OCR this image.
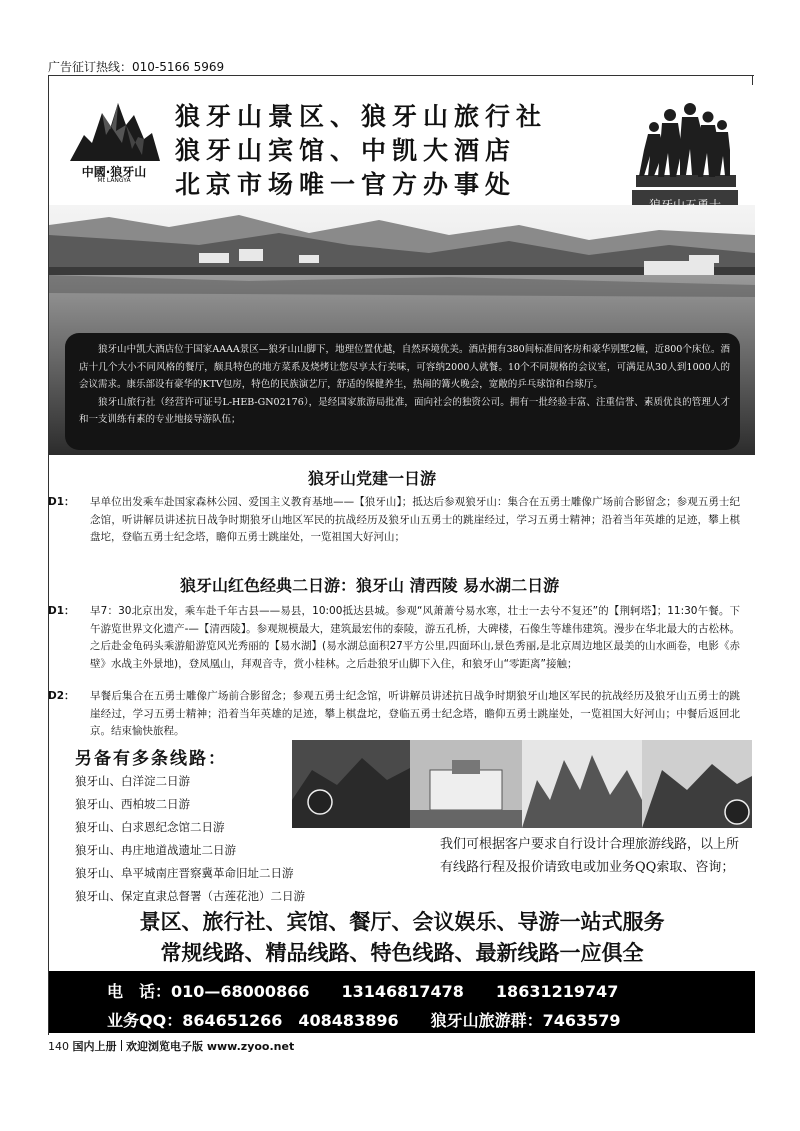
广告征订热线：010-5166 5969
中國·狼牙山
Mt LANGYA
狼牙山景区、狼牙山旅行社
狼牙山宾馆、中凯大酒店
北京市场唯一官方办事处

狼牙山中凯大酒店位于国家AAAA景区—狼牙山山脚下，地理位置优越，自然环境优美。酒店拥有380间标准间客房和豪华别墅2幢，近800个床位。酒店十几个大小不同风格的餐厅，颇具特色的地方菜系及烧烤让您尽享太行美味，可容纳2000人就餐。10个不同规格的会议室，可满足从30人到1000人的会议需求。康乐部设有豪华的KTV包房，特色的民族演艺厅，舒适的保健养生，热闹的篝火晚会，宽敞的乒乓球馆和台球厅。

狼牙山旅行社（经营许可证号L-HEB-GN02176），是经国家旅游局批准，面向社会的独资公司。拥有一批经验丰富、注重信誉、素质优良的管理人才和一支训练有素的专业地接导游队伍；

狼牙山党建一日游
D1： 早单位出发乘车赴国家森林公园、爱国主义教育基地——【狼牙山】；抵达后参观狼牙山：集合在五勇士雕像广场前合影留念；参观五勇士纪念馆，听讲解员讲述抗日战争时期狼牙山地区军民的抗战经历及狼牙山五勇士的跳崖经过，学习五勇士精神；沿着当年英雄的足迹，攀上棋盘坨，登临五勇士纪念塔，瞻仰五勇士跳崖处，一览祖国大好河山；
狼牙山红色经典二日游：狼牙山 清西陵 易水湖二日游
D1： 早7：30北京出发，乘车赴千年古县——易县，10:00抵达县城。参观“风萧萧兮易水寒，壮士一去兮不复还”的【荆轲塔】；11:30午餐。下午游览世界文化遗产-—【清西陵】。参观规模最大，建筑最宏伟的泰陵，游五孔桥，大碑楼，石像生等雄伟建筑。漫步在华北最大的古松林。之后赴金龟码头乘游船游览风光秀丽的【易水湖】(易水湖总面积27平方公里,四面环山,景色秀丽,是北京周边地区最美的山水画卷，电影《赤壁》水战主外景地)，登凤凰山，拜观音寺，赏小桂林。之后赴狼牙山脚下入住，和狼牙山“零距离”接触；
D2： 早餐后集合在五勇士雕像广场前合影留念；参观五勇士纪念馆，听讲解员讲述抗日战争时期狼牙山地区军民的抗战经历及狼牙山五勇士的跳崖经过，学习五勇士精神；沿着当年英雄的足迹，攀上棋盘坨，登临五勇士纪念塔，瞻仰五勇士跳崖处，一览祖国大好河山；中餐后返回北京。结束愉快旅程。
另备有多条线路：
狼牙山、白洋淀二日游
狼牙山、西柏坡二日游
狼牙山、白求恩纪念馆二日游
狼牙山、冉庄地道战遗址二日游
狼牙山、阜平城南庄晋察冀革命旧址二日游
狼牙山、保定直隶总督署（古莲花池）二日游
我们可根据客户要求自行设计合理旅游线路，以上所有线路行程及报价请致电或加业务QQ索取、咨询；
景区、旅行社、宾馆、餐厅、会议娱乐、导游一站式服务
常规线路、精品线路、特色线路、最新线路一应俱全
电　话：010—68000866　　13146817478　　18631219747
业务QQ：864651266　408483896　　狼牙山旅游群：7463579
140 国内上册 欢迎浏览电子版 www.zyoo.net
